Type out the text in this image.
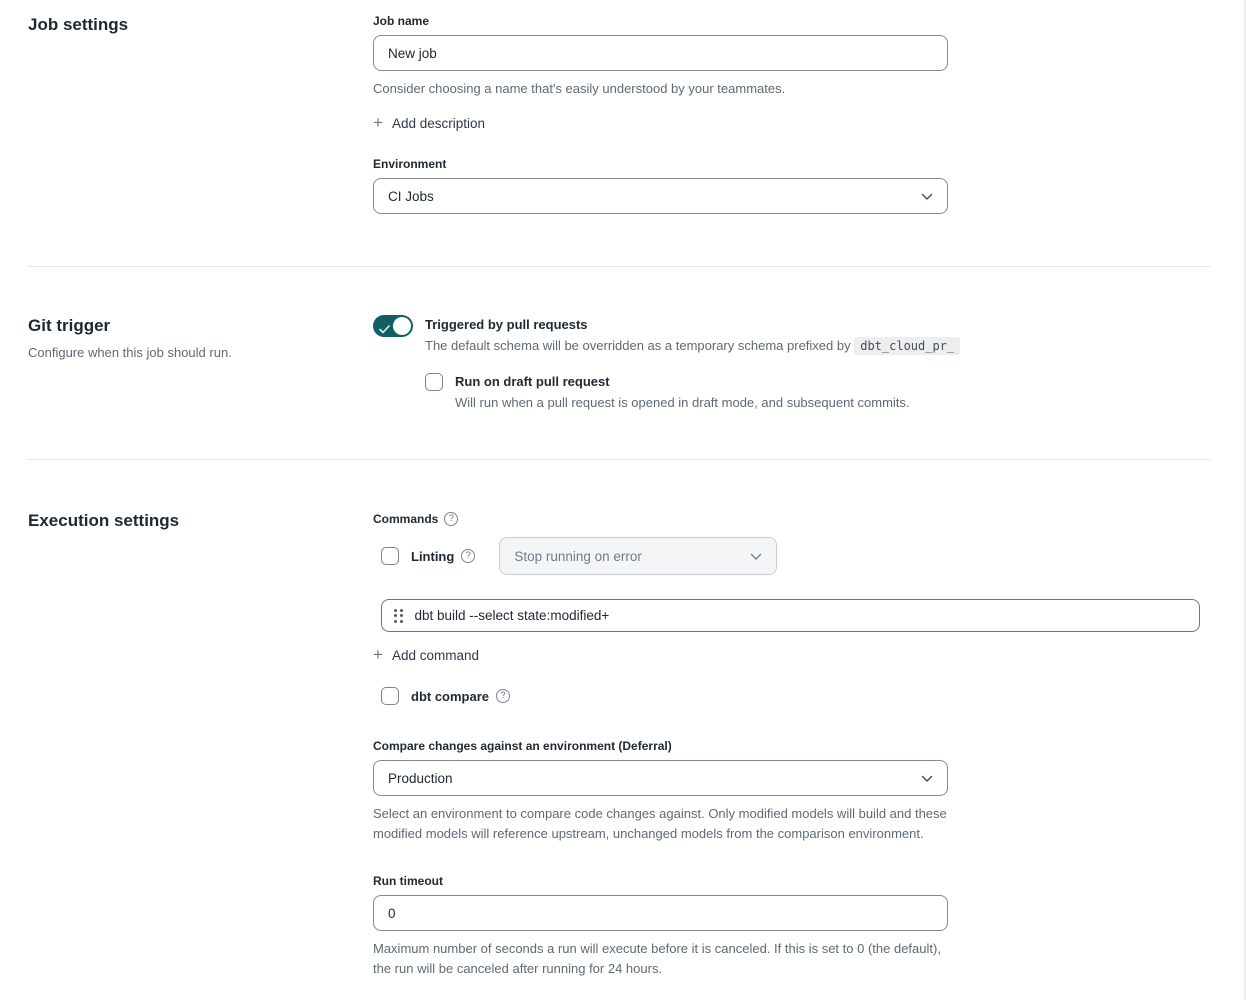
Job settings	Job name
New job

Consider choosing a name that's easily understood by your teammates.

+ Add description
Environment
CI Jobs
Git trigger

Configure when this job should run.

Triggered by pull requests
The default schema will be overridden as a temporary schema prefixed by dbt_cloud_pr_
Run on draft pull request
Will run when a pull request is opened in draft mode, and subsequent commits.
Execution settings	Commands	?
Linting	?	Stop running on error
dbt build --select state:modified+
+ Add command
dbt compare	?
Compare changes against an environment (Deferral)
Production

Select an environment to compare code changes against. Only modified models will build and these modified models will reference upstream, unchanged models from the comparison environment.

Run timeout
0

Maximum number of seconds a run will execute before it is canceled. If this is set to 0 (the default), the run will be canceled after running for 24 hours.
